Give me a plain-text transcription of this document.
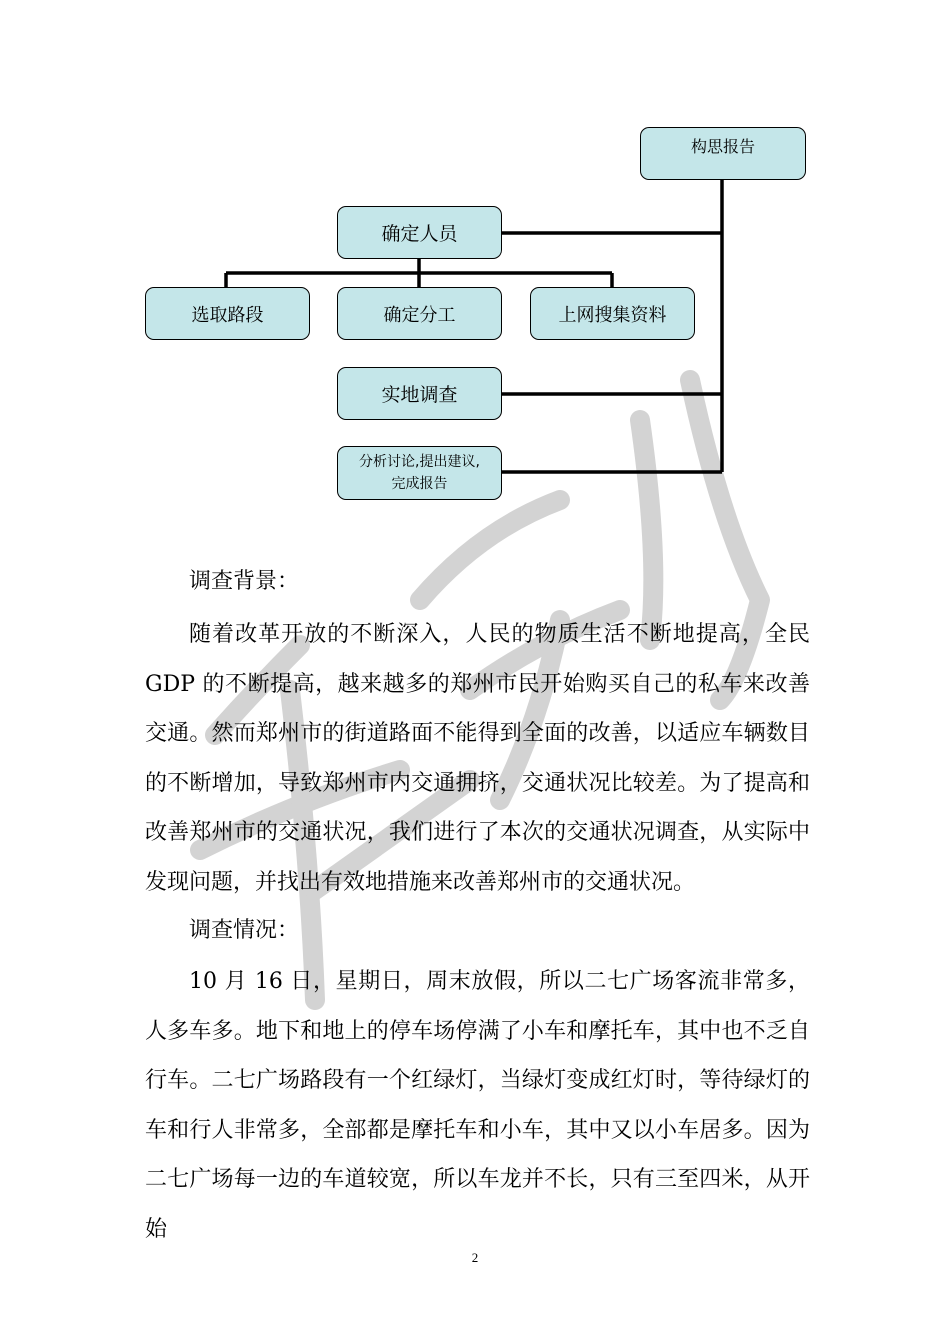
构思报告
确定人员
选取路段	确定分工	上网搜集资料
实地调查
分析讨论,提出建议,
完成报告

调查背景：

随着改革开放的不断深入，人民的物质生活不断地提高，全民 GDP 的不断提高，越来越多的郑州市民开始购买自己的私车来改善交通。然而郑州市的街道路面不能得到全面的改善，以适应车辆数目的不断增加，导致郑州市内交通拥挤，交通状况比较差。为了提高和改善郑州市的交通状况，我们进行了本次的交通状况调查，从实际中发现问题，并找出有效地措施来改善郑州市的交通状况。

调查情况：

10 月 16 日，星期日，周末放假，所以二七广场客流非常多，人多车多。地下和地上的停车场停满了小车和摩托车，其中也不乏自行车。二七广场路段有一个红绿灯，当绿灯变成红灯时，等待绿灯的车和行人非常多，全部都是摩托车和小车，其中又以小车居多。因为二七广场每一边的车道较宽，所以车龙并不长，只有三至四米，从开始

2
